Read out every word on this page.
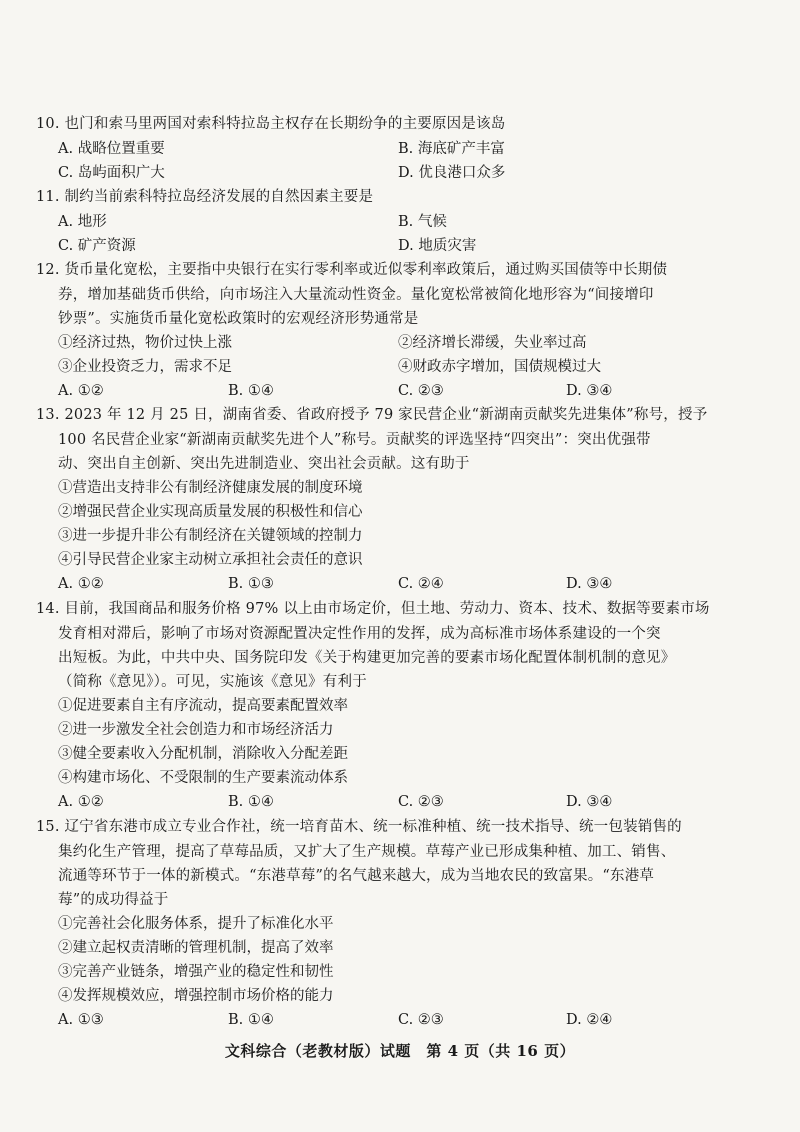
10. 也门和索马里两国对索科特拉岛主权存在长期纷争的主要原因是该岛
A. 战略位置重要	B. 海底矿产丰富
C. 岛屿面积广大	D. 优良港口众多
11. 制约当前索科特拉岛经济发展的自然因素主要是
A. 地形	B. 气候
C. 矿产资源	D. 地质灾害
12. 货币量化宽松，主要指中央银行在实行零利率或近似零利率政策后，通过购买国债等中长期债
券，增加基础货币供给，向市场注入大量流动性资金。量化宽松常被简化地形容为“间接增印
钞票”。实施货币量化宽松政策时的宏观经济形势通常是
①经济过热，物价过快上涨	②经济增长滞缓，失业率过高
③企业投资乏力，需求不足	④财政赤字增加，国债规模过大
A. ①②	B. ①④	C. ②③	D. ③④
13. 2023 年 12 月 25 日，湖南省委、省政府授予 79 家民营企业“新湖南贡献奖先进集体”称号，授予
100 名民营企业家“新湖南贡献奖先进个人”称号。贡献奖的评选坚持“四突出”：突出优强带
动、突出自主创新、突出先进制造业、突出社会贡献。这有助于
①营造出支持非公有制经济健康发展的制度环境
②增强民营企业实现高质量发展的积极性和信心
③进一步提升非公有制经济在关键领域的控制力
④引导民营企业家主动树立承担社会责任的意识
A. ①②	B. ①③	C. ②④	D. ③④
14. 目前，我国商品和服务价格 97% 以上由市场定价，但土地、劳动力、资本、技术、数据等要素市场
发育相对滞后，影响了市场对资源配置决定性作用的发挥，成为高标准市场体系建设的一个突
出短板。为此，中共中央、国务院印发《关于构建更加完善的要素市场化配置体制机制的意见》
（简称《意见》）。可见，实施该《意见》有利于
①促进要素自主有序流动，提高要素配置效率
②进一步激发全社会创造力和市场经济活力
③健全要素收入分配机制，消除收入分配差距
④构建市场化、不受限制的生产要素流动体系
A. ①②	B. ①④	C. ②③	D. ③④
15. 辽宁省东港市成立专业合作社，统一培育苗木、统一标准种植、统一技术指导、统一包装销售的
集约化生产管理，提高了草莓品质，又扩大了生产规模。草莓产业已形成集种植、加工、销售、
流通等环节于一体的新模式。“东港草莓”的名气越来越大，成为当地农民的致富果。“东港草
莓”的成功得益于
①完善社会化服务体系，提升了标准化水平
②建立起权责清晰的管理机制，提高了效率
③完善产业链条，增强产业的稳定性和韧性
④发挥规模效应，增强控制市场价格的能力
A. ①③	B. ①④	C. ②③	D. ②④
文科综合（老教材版）试题　第 4 页（共 16 页）
